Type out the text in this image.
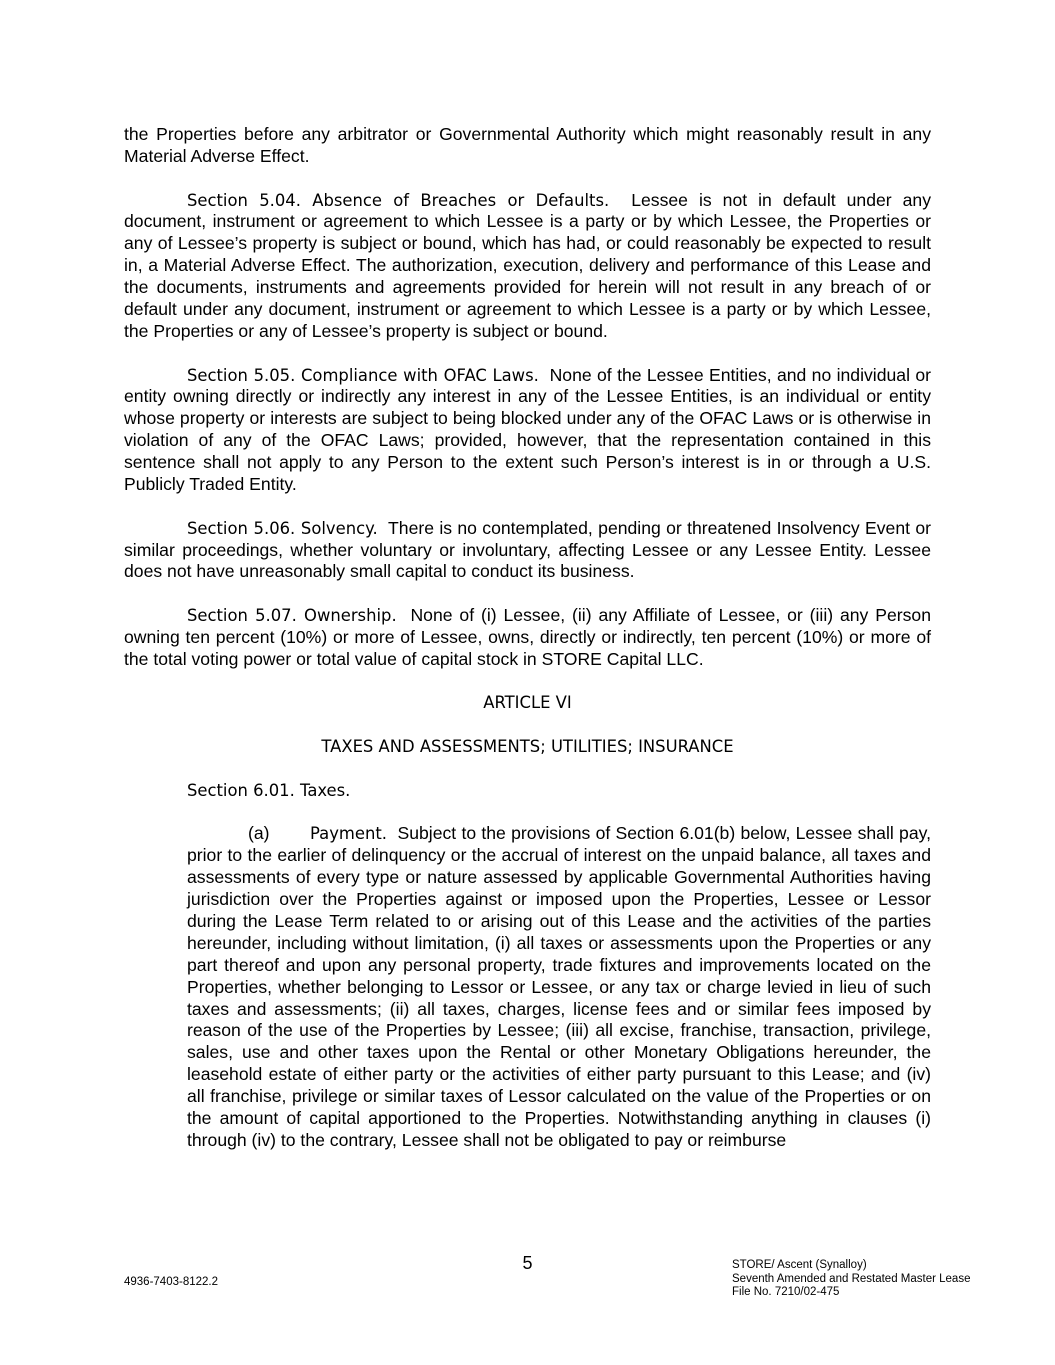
the Properties before any arbitrator or Governmental Authority which might reasonably result in any Material Adverse Effect.

Section 5.04. Absence of Breaches or Defaults. Lessee is not in default under any document, instrument or agreement to which Lessee is a party or by which Lessee, the Properties or any of Lessee’s property is subject or bound, which has had, or could reasonably be expected to result in, a Material Adverse Effect. The authorization, execution, delivery and performance of this Lease and the documents, instruments and agreements provided for herein will not result in any breach of or default under any document, instrument or agreement to which Lessee is a party or by which Lessee, the Properties or any of Lessee’s property is subject or bound.

Section 5.05. Compliance with OFAC Laws. None of the Lessee Entities, and no individual or entity owning directly or indirectly any interest in any of the Lessee Entities, is an individual or entity whose property or interests are subject to being blocked under any of the OFAC Laws or is otherwise in violation of any of the OFAC Laws; provided, however, that the representation contained in this sentence shall not apply to any Person to the extent such Person’s interest is in or through a U.S. Publicly Traded Entity.

Section 5.06. Solvency. There is no contemplated, pending or threatened Insolvency Event or similar proceedings, whether voluntary or involuntary, affecting Lessee or any Lessee Entity. Lessee does not have unreasonably small capital to conduct its business.

Section 5.07. Ownership. None of (i) Lessee, (ii) any Affiliate of Lessee, or (iii) any Person owning ten percent (10%) or more of Lessee, owns, directly or indirectly, ten percent (10%) or more of the total voting power or total value of capital stock in STORE Capital LLC.

ARTICLE VI

TAXES AND ASSESSMENTS; UTILITIES; INSURANCE

Section 6.01. Taxes.

(a) Payment. Subject to the provisions of Section 6.01(b) below, Lessee shall pay, prior to the earlier of delinquency or the accrual of interest on the unpaid balance, all taxes and assessments of every type or nature assessed by applicable Governmental Authorities having jurisdiction over the Properties against or imposed upon the Properties, Lessee or Lessor during the Lease Term related to or arising out of this Lease and the activities of the parties hereunder, including without limitation, (i) all taxes or assessments upon the Properties or any part thereof and upon any personal property, trade fixtures and improvements located on the Properties, whether belonging to Lessor or Lessee, or any tax or charge levied in lieu of such taxes and assessments; (ii) all taxes, charges, license fees and or similar fees imposed by reason of the use of the Properties by Lessee; (iii) all excise, franchise, transaction, privilege, sales, use and other taxes upon the Rental or other Monetary Obligations hereunder, the leasehold estate of either party or the activities of either party pursuant to this Lease; and (iv) all franchise, privilege or similar taxes of Lessor calculated on the value of the Properties or on the amount of capital apportioned to the Properties. Notwithstanding anything in clauses (i) through (iv) to the contrary, Lessee shall not be obligated to pay or reimburse

5
4936-7403-8122.2
STORE/ Ascent (Synalloy)
Seventh Amended and Restated Master Lease
File No. 7210/02-475
